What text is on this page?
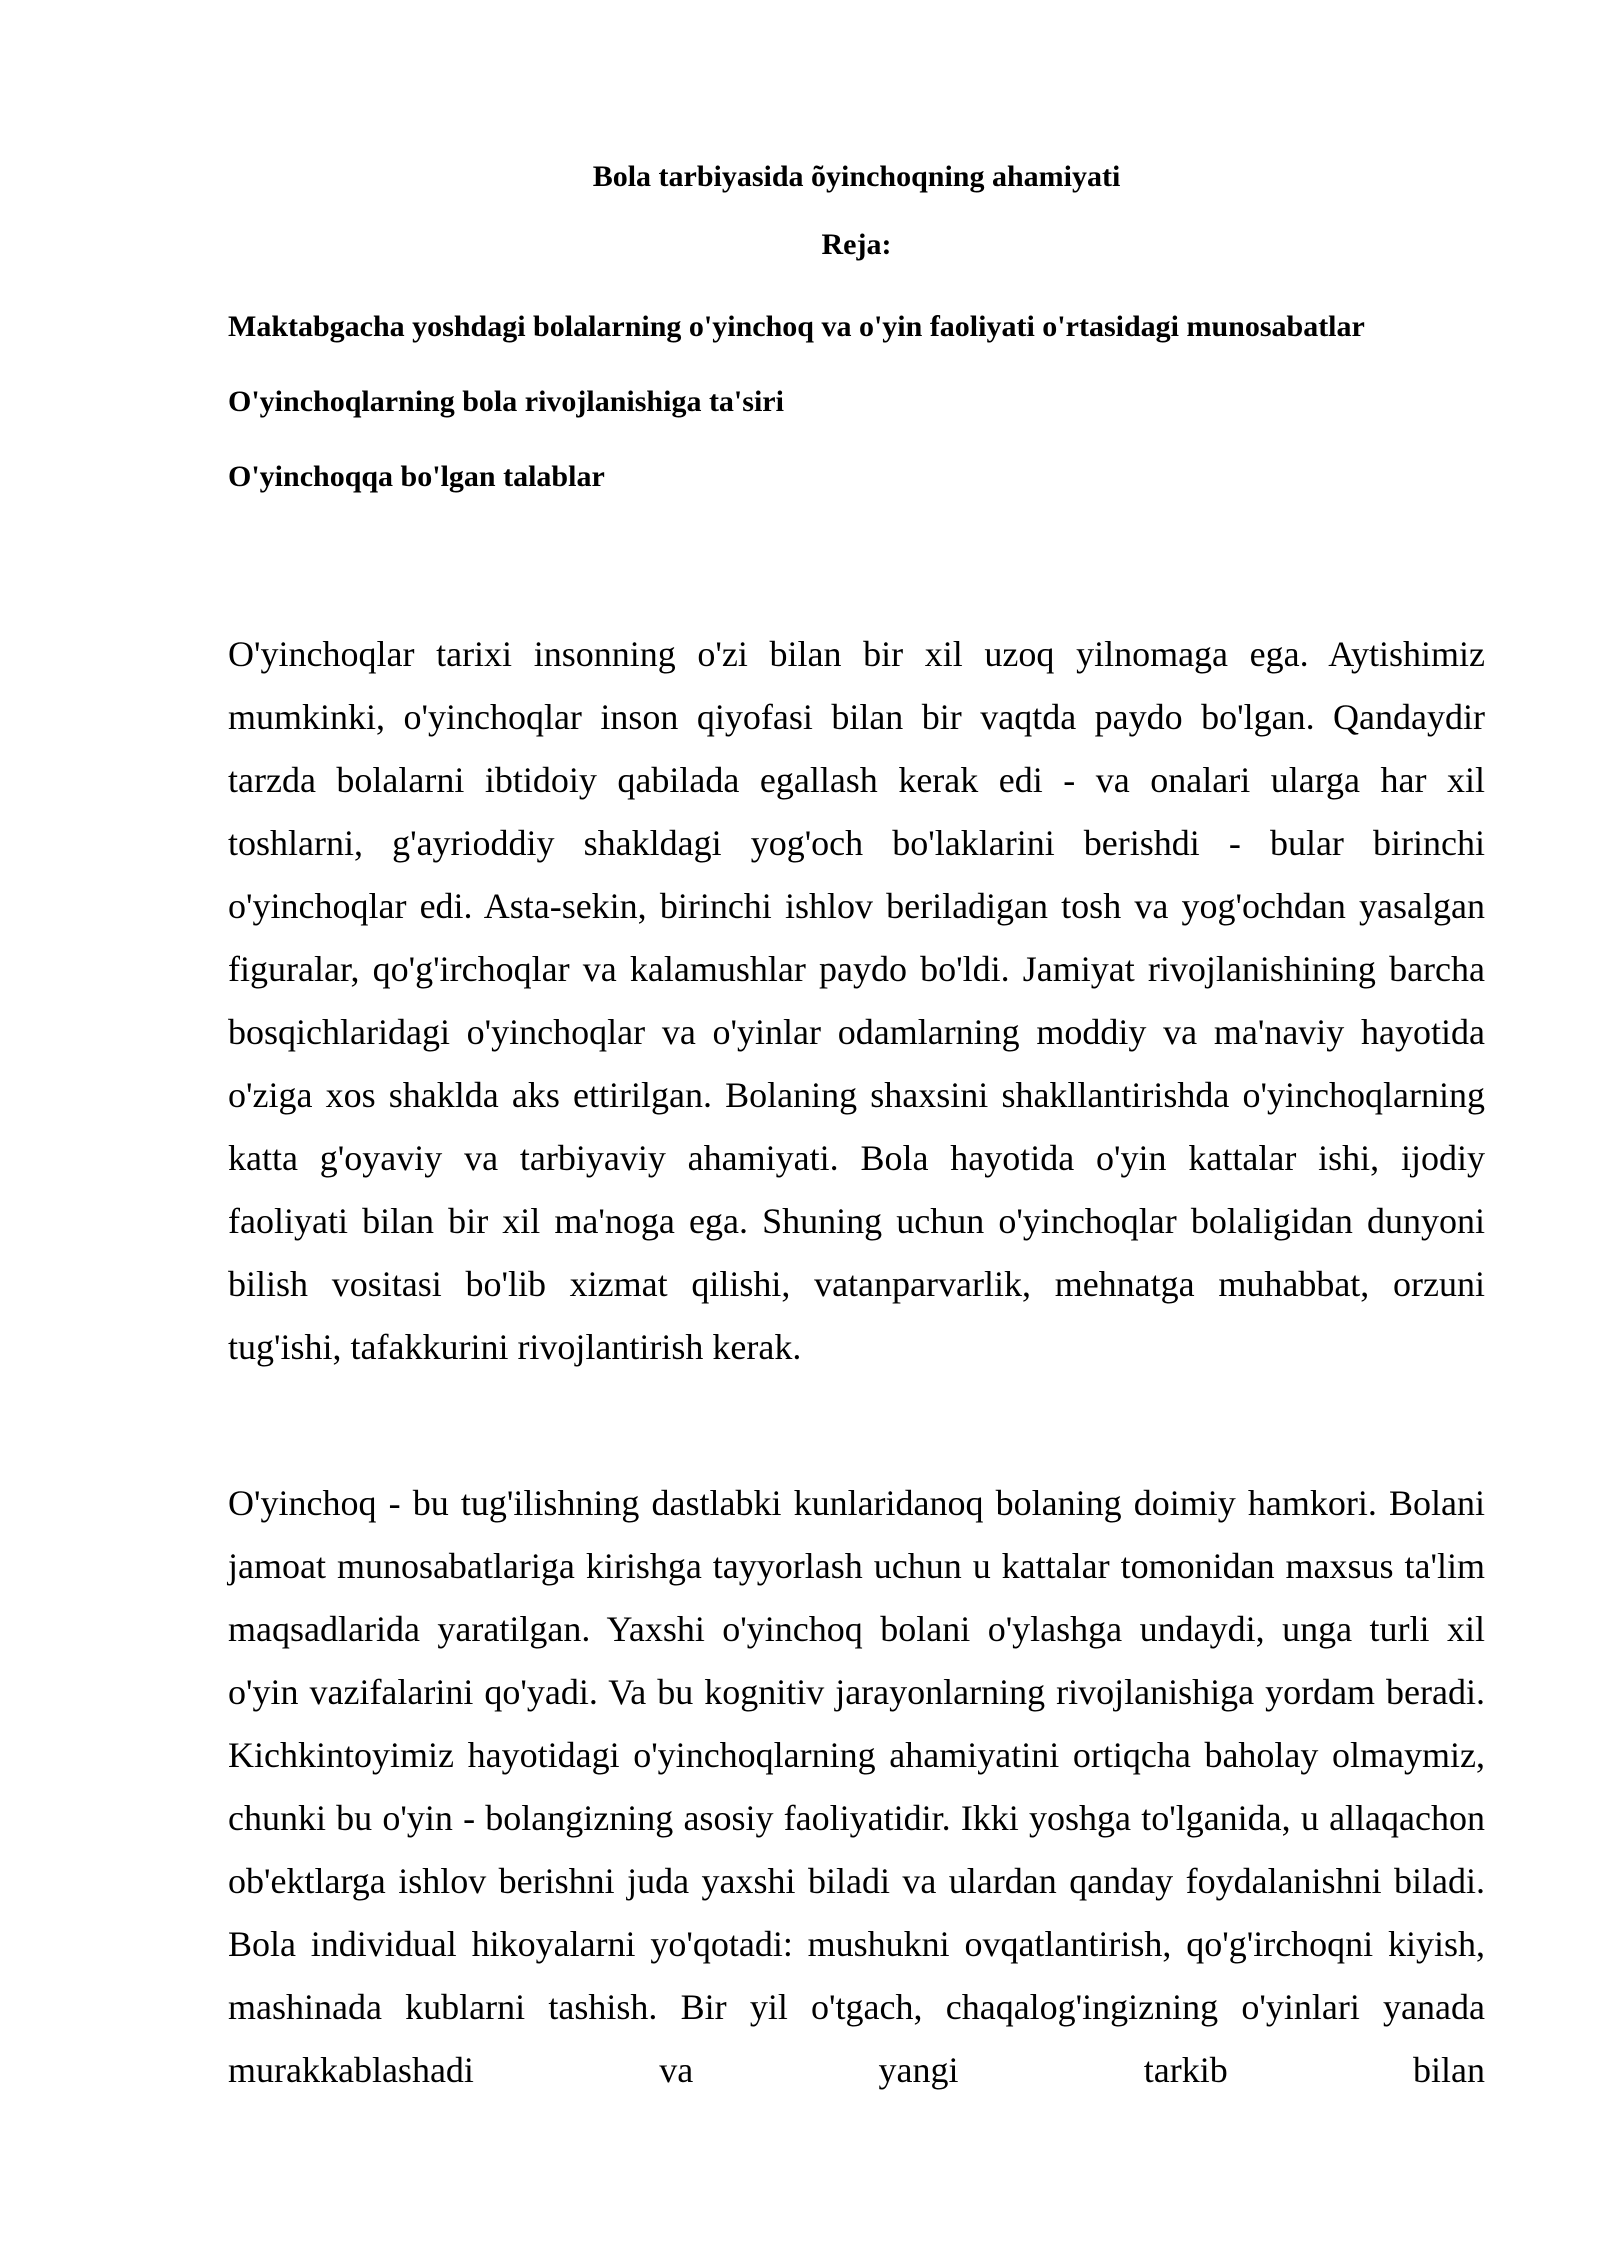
Bola tarbiyasida õyinchoqning ahamiyati

Reja:

Maktabgacha yoshdagi bolalarning o'yinchoq va o'yin faoliyati o'rtasidagi munosabatlar

O'yinchoqlarning bola rivojlanishiga ta'siri

O'yinchoqqa bo'lgan talablar

O'yinchoqlar tarixi insonning o'zi bilan bir xil uzoq yilnomaga ega. Aytishimiz mumkinki, o'yinchoqlar inson qiyofasi bilan bir vaqtda paydo bo'lgan. Qandaydir tarzda bolalarni ibtidoiy qabilada egallash kerak edi - va onalari ularga har xil toshlarni, g'ayrioddiy shakldagi yog'och bo'laklarini berishdi - bular birinchi o'yinchoqlar edi. Asta-sekin, birinchi ishlov beriladigan tosh va yog'ochdan yasalgan figuralar, qo'g'irchoqlar va kalamushlar paydo bo'ldi. Jamiyat rivojlanishining barcha bosqichlaridagi o'yinchoqlar va o'yinlar odamlarning moddiy va ma'naviy hayotida o'ziga xos shaklda aks ettirilgan. Bolaning shaxsini shakllantirishda o'yinchoqlarning katta g'oyaviy va tarbiyaviy ahamiyati. Bola hayotida o'yin kattalar ishi, ijodiy faoliyati bilan bir xil ma'noga ega. Shuning uchun o'yinchoqlar bolaligidan dunyoni bilish vositasi bo'lib xizmat qilishi, vatanparvarlik, mehnatga muhabbat, orzuni tug'ishi, tafakkurini rivojlantirish kerak.

O'yinchoq - bu tug'ilishning dastlabki kunlaridanoq bolaning doimiy hamkori. Bolani jamoat munosabatlariga kirishga tayyorlash uchun u kattalar tomonidan maxsus ta'lim maqsadlarida yaratilgan. Yaxshi o'yinchoq bolani o'ylashga undaydi, unga turli xil o'yin vazifalarini qo'yadi. Va bu kognitiv jarayonlarning rivojlanishiga yordam beradi. Kichkintoyimiz hayotidagi o'yinchoqlarning ahamiyatini ortiqcha baholay olmaymiz, chunki bu o'yin - bolangizning asosiy faoliyatidir. Ikki yoshga to'lganida, u allaqachon ob'ektlarga ishlov berishni juda yaxshi biladi va ulardan qanday foydalanishni biladi. Bola individual hikoyalarni yo'qotadi: mushukni ovqatlantirish, qo'g'irchoqni kiyish, mashinada kublarni tashish. Bir yil o'tgach, chaqalog'ingizning o'yinlari yanada murakkablashadi va yangi tarkib bilan
